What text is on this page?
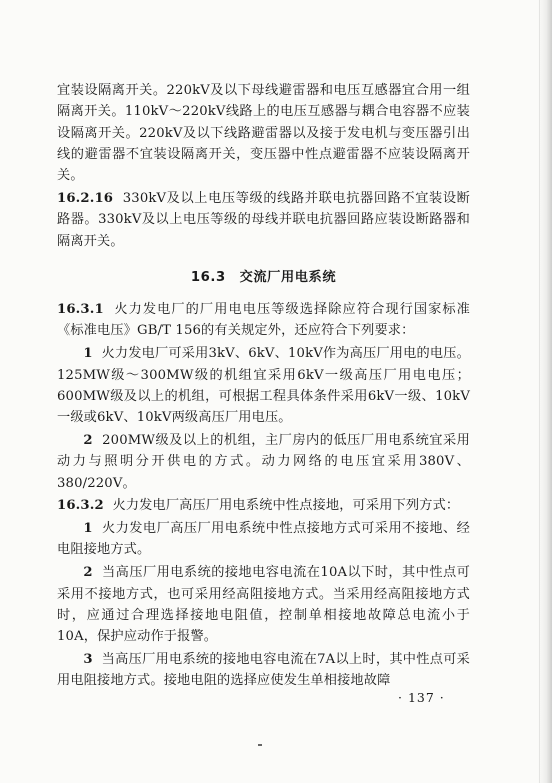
宜装设隔离开关。220kV及以下母线避雷器和电压互感器宜合用一组隔离开关。110kV～220kV线路上的电压互感器与耦合电容器不应装设隔离开关。220kV及以下线路避雷器以及接于发电机与变压器引出线的避雷器不宜装设隔离开关，变压器中性点避雷器不应装设隔离开关。

16.2.16 330kV及以上电压等级的线路并联电抗器回路不宜装设断路器。330kV及以上电压等级的母线并联电抗器回路应装设断路器和隔离开关。

16.3　交流厂用电系统

16.3.1 火力发电厂的厂用电电压等级选择除应符合现行国家标准《标准电压》GB/T 156的有关规定外，还应符合下列要求：

1 火力发电厂可采用3kV、6kV、10kV作为高压厂用电的电压。125MW级～300MW级的机组宜采用6kV一级高压厂用电电压；600MW级及以上的机组，可根据工程具体条件采用6kV一级、10kV一级或6kV、10kV两级高压厂用电压。

2 200MW级及以上的机组，主厂房内的低压厂用电系统宜采用动力与照明分开供电的方式。动力网络的电压宜采用380V、380/220V。

16.3.2 火力发电厂高压厂用电系统中性点接地，可采用下列方式：

1 火力发电厂高压厂用电系统中性点接地方式可采用不接地、经电阻接地方式。

2 当高压厂用电系统的接地电容电流在10A以下时，其中性点可采用不接地方式，也可采用经高阻接地方式。当采用经高阻接地方式时，应通过合理选择接地电阻值，控制单相接地故障总电流小于10A，保护应动作于报警。

3 当高压厂用电系统的接地电容电流在7A以上时，其中性点可采用电阻接地方式。接地电阻的选择应使发生单相接地故障

· 137 ·
